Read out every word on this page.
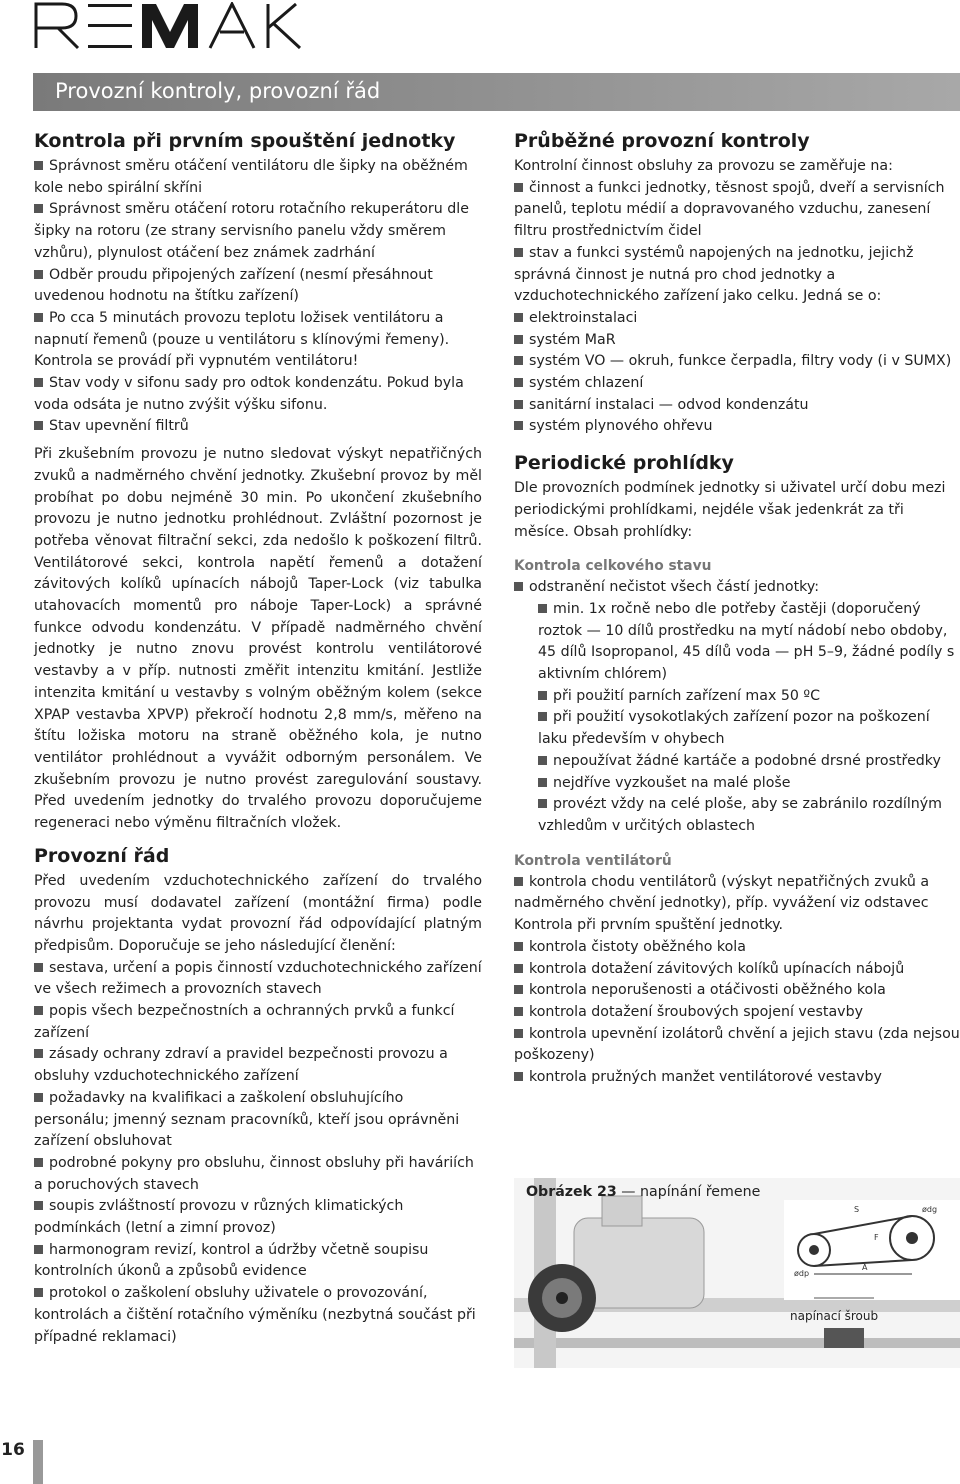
Provozní kontroly, provozní řád
Kontrola při prvním spouštění jednotky

Správnost směru otáčení ventilátoru dle šipky na oběžném kole nebo spirální skříni

Správnost směru otáčení rotoru rotačního rekuperátoru dle šipky na rotoru (ze strany servisního panelu vždy směrem vzhůru), plynulost otáčení bez známek zadrhání

Odběr proudu připojených zařízení (nesmí přesáhnout uvedenou hodnotu na štítku zařízení)

Po cca 5 minutách provozu teplotu ložisek ventilátoru a napnutí řemenů (pouze u ventilátoru s klínovými řemeny). Kontrola se provádí při vypnutém ventilátoru!

Stav vody v sifonu sady pro odtok kondenzátu. Pokud byla voda odsáta je nutno zvýšit výšku sifonu.

Stav upevnění filtrů

Při zkušebním provozu je nutno sledovat výskyt nepatřičných zvuků a nadměrného chvění jednotky. Zkušební provoz by měl probíhat po dobu nejméně 30 min. Po ukončení zkušebního provozu je nutno jednotku prohlédnout. Zvláštní pozornost je potřeba věnovat filtrační sekci, zda nedošlo k poškození filtrů. Ventilátorové sekci, kontrola napětí řemenů a dotažení závitových kolíků upínacích nábojů Taper-Lock (viz tabulka utahovacích momentů pro náboje Taper-Lock) a správné funkce odvodu kondenzátu. V případě nadměrného chvění jednotky je nutno znovu provést kontrolu ventilátorové vestavby a v příp. nutnosti změřit intenzitu kmitání. Jestliže intenzita kmitání u vestavby s volným oběžným kolem (sekce XPAP vestavba XPVP) překročí hodnotu 2,8 mm/s, měřeno na štítu ložiska motoru na straně oběžného kola, je nutno ventilátor prohlédnout a vyvážit odborným personálem. Ve zkušebním provozu je nutno provést zaregulování soustavy. Před uvedením jednotky do trvalého provozu doporučujeme regeneraci nebo výměnu filtračních vložek.

Provozní řád

Před uvedením vzduchotechnického zařízení do trvalého provozu musí dodavatel zařízení (montážní firma) podle návrhu projektanta vydat provozní řád odpovídající platným předpisům. Doporučuje se jeho následující členění:

sestava, určení a popis činností vzduchotechnického zařízení ve všech režimech a provozních stavech

popis všech bezpečnostních a ochranných prvků a funkcí zařízení

zásady ochrany zdraví a pravidel bezpečnosti provozu a obsluhy vzduchotechnického zařízení

požadavky na kvalifikaci a zaškolení obsluhujícího personálu; jmenný seznam pracovníků, kteří jsou oprávněni zařízení obsluhovat

podrobné pokyny pro obsluhu, činnost obsluhy při haváriích a poruchových stavech

soupis zvláštností provozu v různých klimatických podmínkách (letní a zimní provoz)

harmonogram revizí, kontrol a údržby včetně soupisu kontrolních úkonů a způsobů evidence

protokol o zaškolení obsluhy uživatele o provozování, kontrolách a čištění rotačního výměníku (nezbytná součást při případné reklamaci)

Průběžné provozní kontroly

Kontrolní činnost obsluhy za provozu se zaměřuje na:

činnost a funkci jednotky, těsnost spojů, dveří a servisních panelů, teplotu médií a dopravovaného vzduchu, zanesení filtru prostřednictvím čidel

stav a funkci systémů napojených na jednotku, jejichž správná činnost je nutná pro chod jednotky a vzduchotechnického zařízení jako celku. Jedná se o:

elektroinstalaci

systém MaR

systém VO — okruh, funkce čerpadla, filtry vody (i v SUMX)

systém chlazení

sanitární instalaci — odvod kondenzátu

systém plynového ohřevu

Periodické prohlídky

Dle provozních podmínek jednotky si uživatel určí dobu mezi periodickými prohlídkami, nejdéle však jedenkrát za tři měsíce. Obsah prohlídky:

Kontrola celkového stavu

odstranění nečistot všech částí jednotky:

min. 1x ročně nebo dle potřeby častěji (doporučený roztok — 10 dílů prostředku na mytí nádobí nebo obdoby, 45 dílů Isopropanol, 45 dílů voda — pH 5–9, žádné podíly s aktivním chlórem)

při použití parních zařízení max 50 ºC

při použití vysokotlakých zařízení pozor na poškození laku především v ohybech

nepoužívat žádné kartáče a podobné drsné prostředky

nejdříve vyzkoušet na malé ploše

provézt vždy na celé ploše, aby se zabránilo rozdílným vzhledům v určitých oblastech

Kontrola ventilátorů

kontrola chodu ventilátorů (výskyt nepatřičných zvuků a nadměrného chvění jednotky), příp. vyvážení viz odstavec Kontrola při prvním spuštění jednotky.

kontrola čistoty oběžného kola

kontrola dotažení závitových kolíků upínacích nábojů

kontrola neporušenosti a otáčivosti oběžného kola

kontrola dotažení šroubových spojení vestavby

kontrola upevnění izolátorů chvění a jejich stavu (zda nejsou poškozeny)

kontrola pružných manžet ventilátorové vestavby

S
F
A
ødp
ødg
napínací šroub
Obrázek 23 — napínání řemene
16
